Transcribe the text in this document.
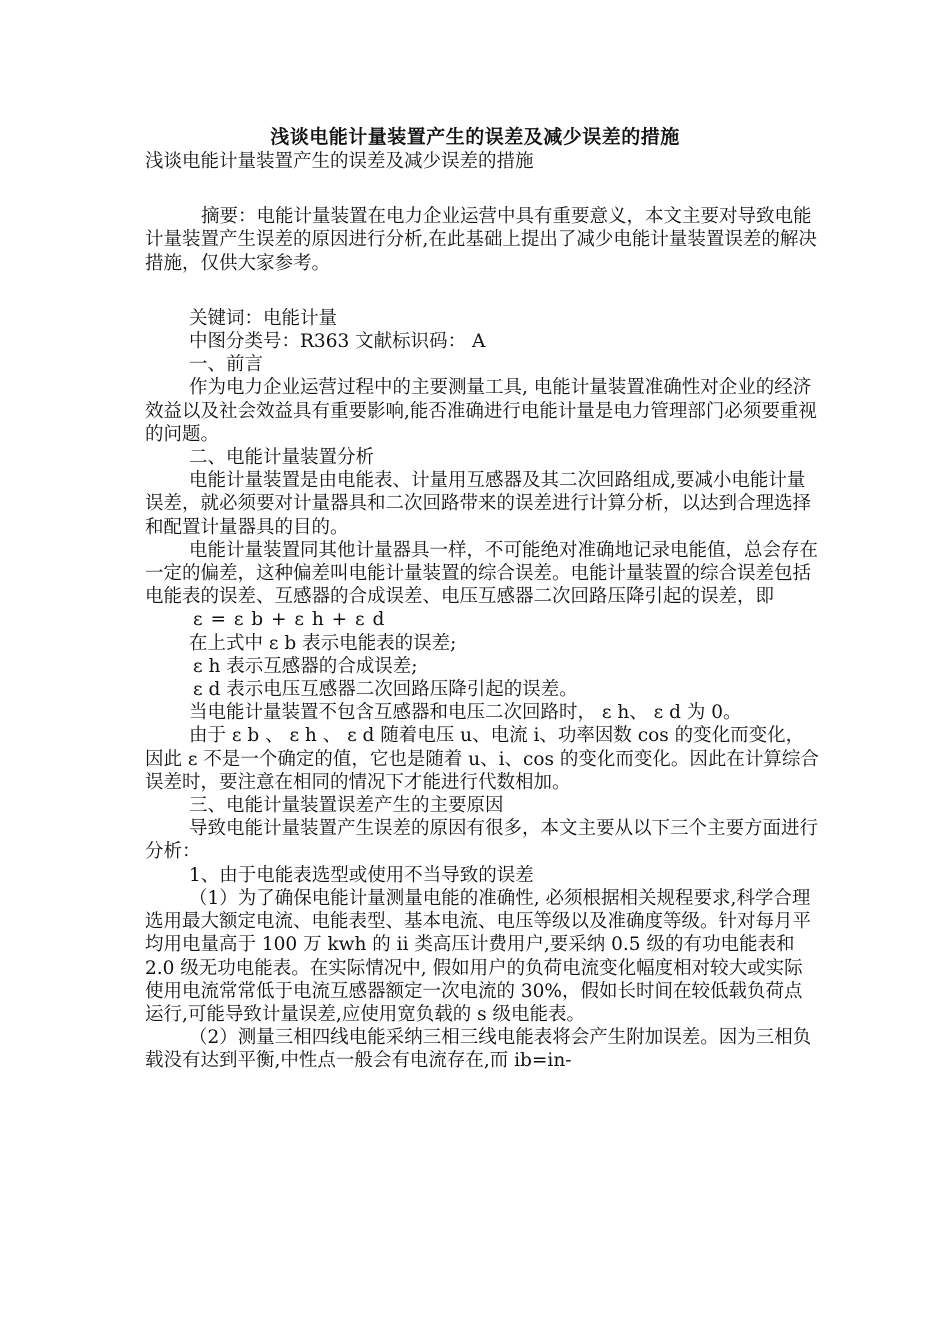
浅谈电能计量装置产生的误差及减少误差的措施

浅谈电能计量装置产生的误差及减少误差的措施

摘要：电能计量装置在电力企业运营中具有重要意义，本文主要对导致电能计量装置产生误差的原因进行分析,在此基础上提出了减少电能计量装置误差的解决措施，仅供大家参考。

关键词：电能计量

中图分类号：R363 文献标识码： A

一、前言

作为电力企业运营过程中的主要测量工具, 电能计量装置准确性对企业的经济效益以及社会效益具有重要影响,能否准确进行电能计量是电力管理部门必须要重视的问题。

二、电能计量装置分析

电能计量装置是由电能表、计量用互感器及其二次回路组成,要减小电能计量误差，就必须要对计量器具和二次回路带来的误差进行计算分析，以达到合理选择和配置计量器具的目的。

电能计量装置同其他计量器具一样，不可能绝对准确地记录电能值，总会存在一定的偏差，这种偏差叫电能计量装置的综合误差。电能计量装置的综合误差包括电能表的误差、互感器的合成误差、电压互感器二次回路压降引起的误差，即

ε = ε b + ε h + ε d

在上式中 ε b 表示电能表的误差;

ε h 表示互感器的合成误差;

ε d 表示电压互感器二次回路压降引起的误差。

当电能计量装置不包含互感器和电压二次回路时， ε h、 ε d 为 0。

由于 ε b 、 ε h 、 ε d 随着电压 u、电流 i、功率因数 cos 的变化而变化，因此 ε 不是一个确定的值，它也是随着 u、i、cos 的变化而变化。因此在计算综合误差时，要注意在相同的情况下才能进行代数相加。

三、电能计量装置误差产生的主要原因

导致电能计量装置产生误差的原因有很多，本文主要从以下三个主要方面进行分析：

1、由于电能表选型或使用不当导致的误差

（1）为了确保电能计量测量电能的准确性, 必须根据相关规程要求,科学合理选用最大额定电流、电能表型、基本电流、电压等级以及准确度等级。针对每月平均用电量高于 100 万 kwh 的 ii 类高压计费用户,要采纳 0.5 级的有功电能表和 2.0 级无功电能表。在实际情况中, 假如用户的负荷电流变化幅度相对较大或实际使用电流常常低于电流互感器额定一次电流的 30%，假如长时间在较低载负荷点运行,可能导致计量误差,应使用宽负载的 s 级电能表。

（2）测量三相四线电能采纳三相三线电能表将会产生附加误差。因为三相负载没有达到平衡,中性点一般会有电流存在,而 ib=in-
